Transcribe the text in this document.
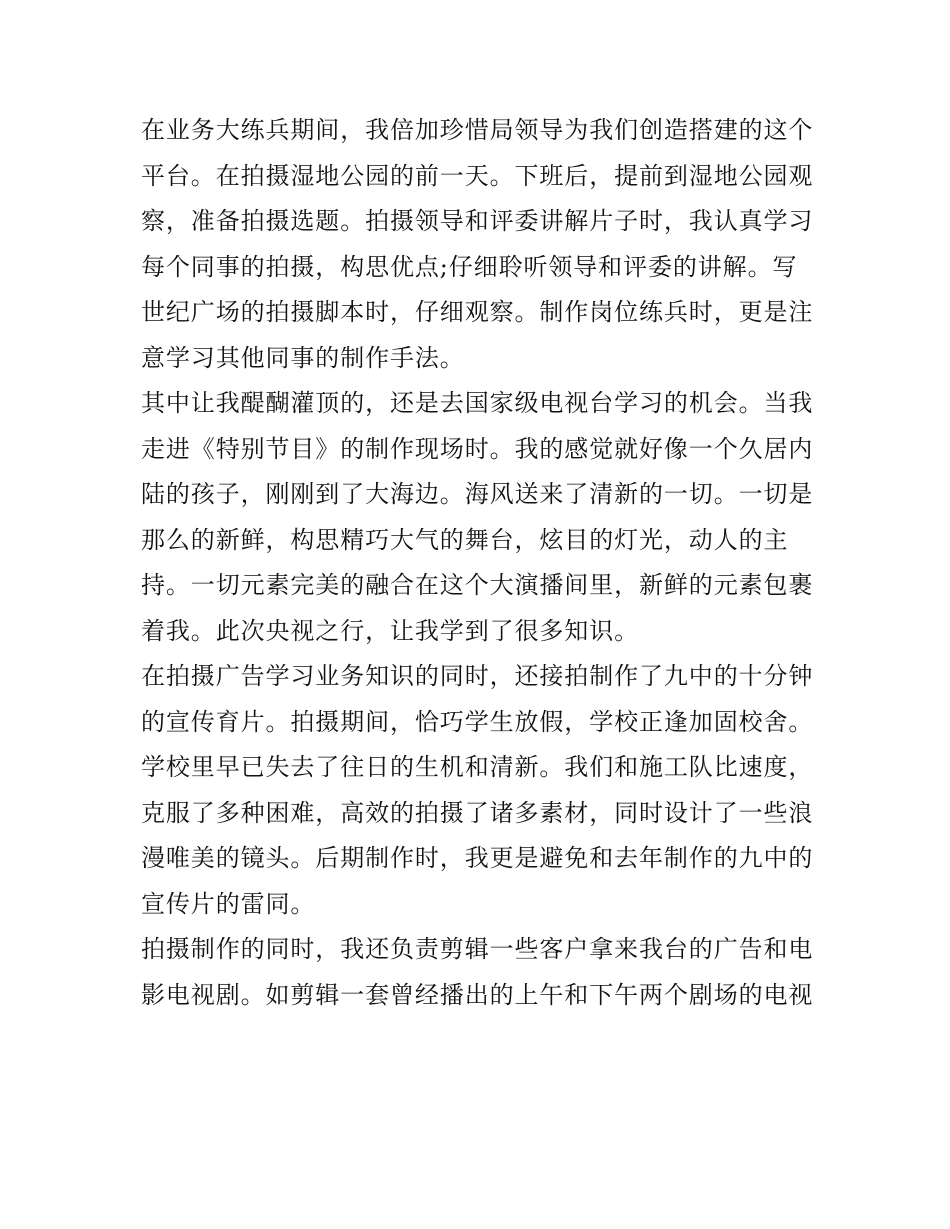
在业务大练兵期间，我倍加珍惜局领导为我们创造搭建的这个
平台。在拍摄湿地公园的前一天。下班后，提前到湿地公园观
察，准备拍摄选题。拍摄领导和评委讲解片子时，我认真学习
每个同事的拍摄，构思优点;仔细聆听领导和评委的讲解。写
世纪广场的拍摄脚本时，仔细观察。制作岗位练兵时，更是注
意学习其他同事的制作手法。
其中让我醍醐灌顶的，还是去国家级电视台学习的机会。当我
走进《特别节目》的制作现场时。我的感觉就好像一个久居内
陆的孩子，刚刚到了大海边。海风送来了清新的一切。一切是
那么的新鲜，构思精巧大气的舞台，炫目的灯光，动人的主
持。一切元素完美的融合在这个大演播间里，新鲜的元素包裹
着我。此次央视之行，让我学到了很多知识。
在拍摄广告学习业务知识的同时，还接拍制作了九中的十分钟
的宣传育片。拍摄期间，恰巧学生放假，学校正逢加固校舍。
学校里早已失去了往日的生机和清新。我们和施工队比速度，
克服了多种困难，高效的拍摄了诸多素材，同时设计了一些浪
漫唯美的镜头。后期制作时，我更是避免和去年制作的九中的
宣传片的雷同。
拍摄制作的同时，我还负责剪辑一些客户拿来我台的广告和电
影电视剧。如剪辑一套曾经播出的上午和下午两个剧场的电视
